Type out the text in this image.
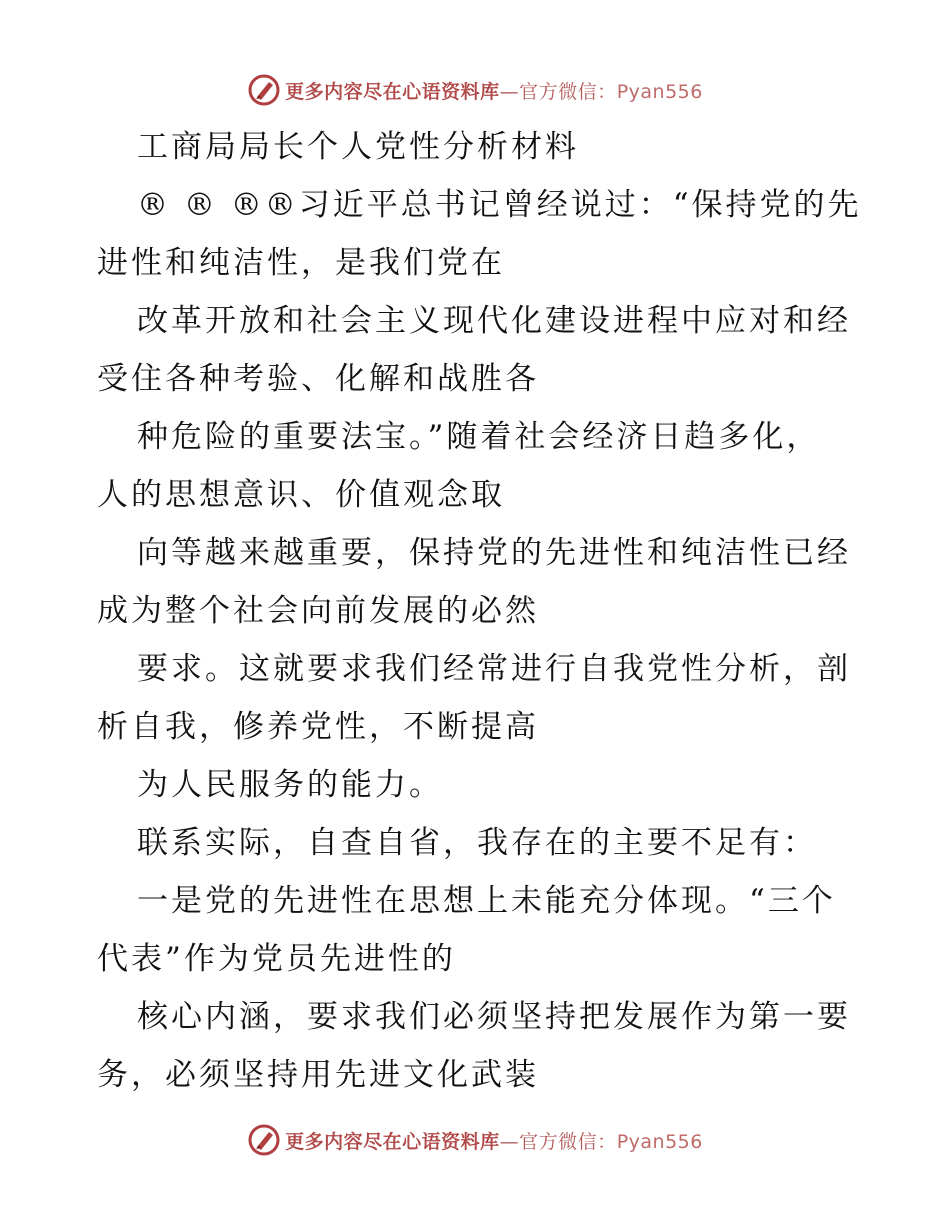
更多内容尽在心语资料库—官方微信：Pyan556
工商局局长个人党性分析材料
® ® ®®习近平总书记曾经说过：“保持党的先
进性和纯洁性，是我们党在
改革开放和社会主义现代化建设进程中应对和经
受住各种考验、化解和战胜各
种危险的重要法宝。”随着社会经济日趋多化，
人的思想意识、价值观念取
向等越来越重要，保持党的先进性和纯洁性已经
成为整个社会向前发展的必然
要求。这就要求我们经常进行自我党性分析，剖
析自我，修养党性，不断提高
为人民服务的能力。
联系实际，自查自省，我存在的主要不足有：
一是党的先进性在思想上未能充分体现。“三个
代表”作为党员先进性的
核心内涵，要求我们必须坚持把发展作为第一要
务，必须坚持用先进文化武装
更多内容尽在心语资料库—官方微信：Pyan556
